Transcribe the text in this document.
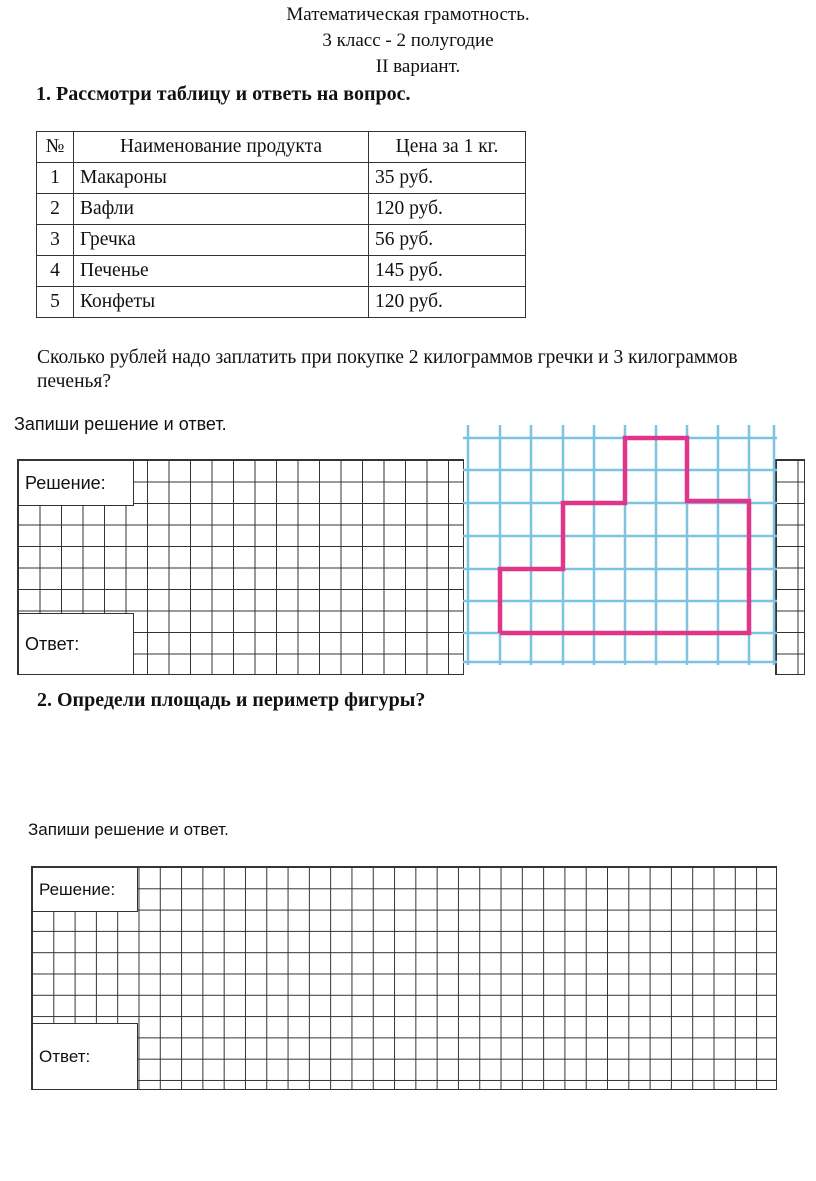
Математическая грамотность.
3 класс - 2 полугодие
II вариант.
1. Рассмотри таблицу и ответь на вопрос.
№	Наименование продукта	Цена за 1 кг.
1	Макароны	35 руб.
2	Вафли	120 руб.
3	Гречка	56 руб.
4	Печенье	145 руб.
5	Конфеты	120 руб.
Сколько рублей надо заплатить при покупке 2 килограммов гречки и 3 килограммов печенья?
Запиши решение и ответ.
Решение:
Ответ:
2. Определи площадь и периметр фигуры?
Запиши решение и ответ.
Решение:
Ответ:
